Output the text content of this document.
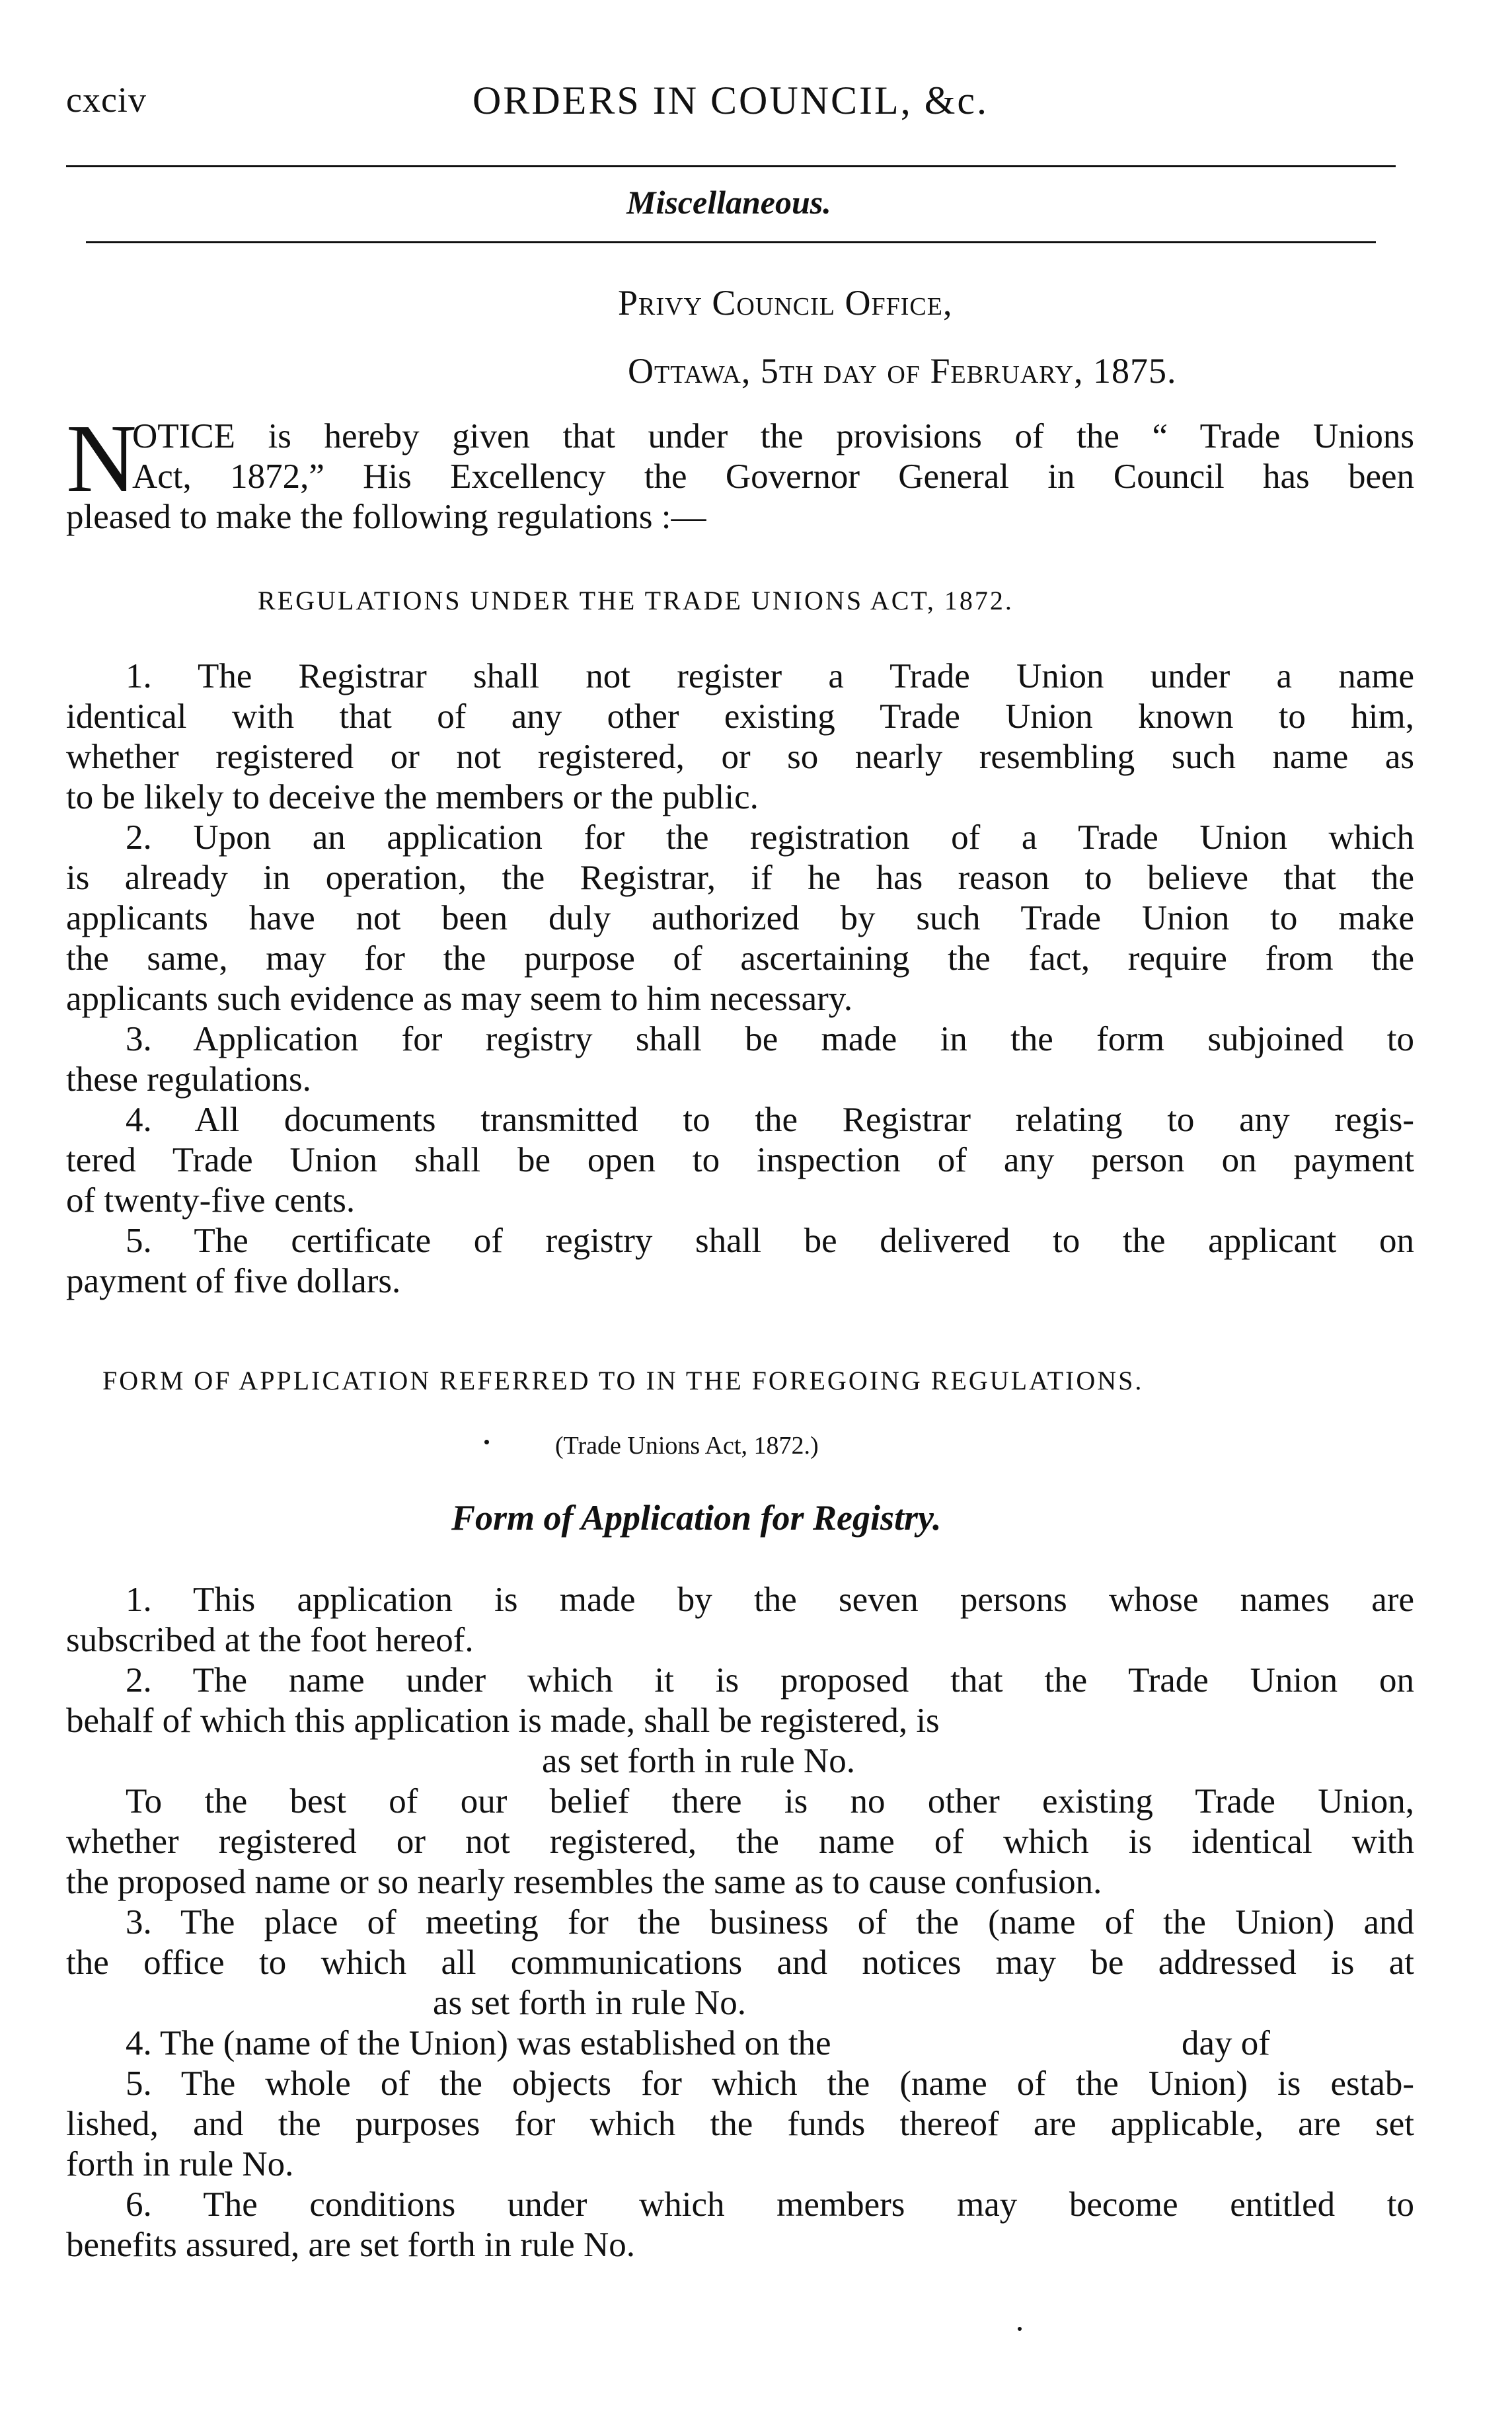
cxciv	ORDERS IN COUNCIL, &c.
Miscellaneous.
Privy Council Office,
Ottawa, 5th day of February, 1875.
N
OTICE is hereby given that under the provisions of the “ Trade Unions
Act, 1872,” His Excellency the Governor General in Council has been
pleased to make the following regulations :—
REGULATIONS UNDER THE TRADE UNIONS ACT, 1872.
1. The Registrar shall not register a Trade Union under a name
identical with that of any other existing Trade Union known to him,
whether registered or not registered, or so nearly resembling such name as
to be likely to deceive the members or the public.
2. Upon an application for the registration of a Trade Union which
is already in operation, the Registrar, if he has reason to believe that the
applicants have not been duly authorized by such Trade Union to make
the same, may for the purpose of ascertaining the fact, require from the
applicants such evidence as may seem to him necessary.
3. Application for registry shall be made in the form subjoined to
these regulations.
4. All documents transmitted to the Registrar relating to any regis-
tered Trade Union shall be open to inspection of any person on payment
of twenty-five cents.
5. The certificate of registry shall be delivered to the applicant on
payment of five dollars.
FORM OF APPLICATION REFERRED TO IN THE FOREGOING REGULATIONS.
(Trade Unions Act, 1872.)
Form of Application for Registry.
1. This application is made by the seven persons whose names are
subscribed at the foot hereof.
2. The name under which it is proposed that the Trade Union on
behalf of which this application is made, shall be registered, is
as set forth in rule No.
To the best of our belief there is no other existing Trade Union,
whether registered or not registered, the name of which is identical with
the proposed name or so nearly resembles the same as to cause confusion.
3. The place of meeting for the business of the (name of the Union) and
the office to which all communications and notices may be addressed is at
as set forth in rule No.
4. The (name of the Union) was established on the	day of
5. The whole of the objects for which the (name of the Union) is estab-
lished, and the purposes for which the funds thereof are applicable, are set
forth in rule No.
6. The conditions under which members may become entitled to
benefits assured, are set forth in rule No.
